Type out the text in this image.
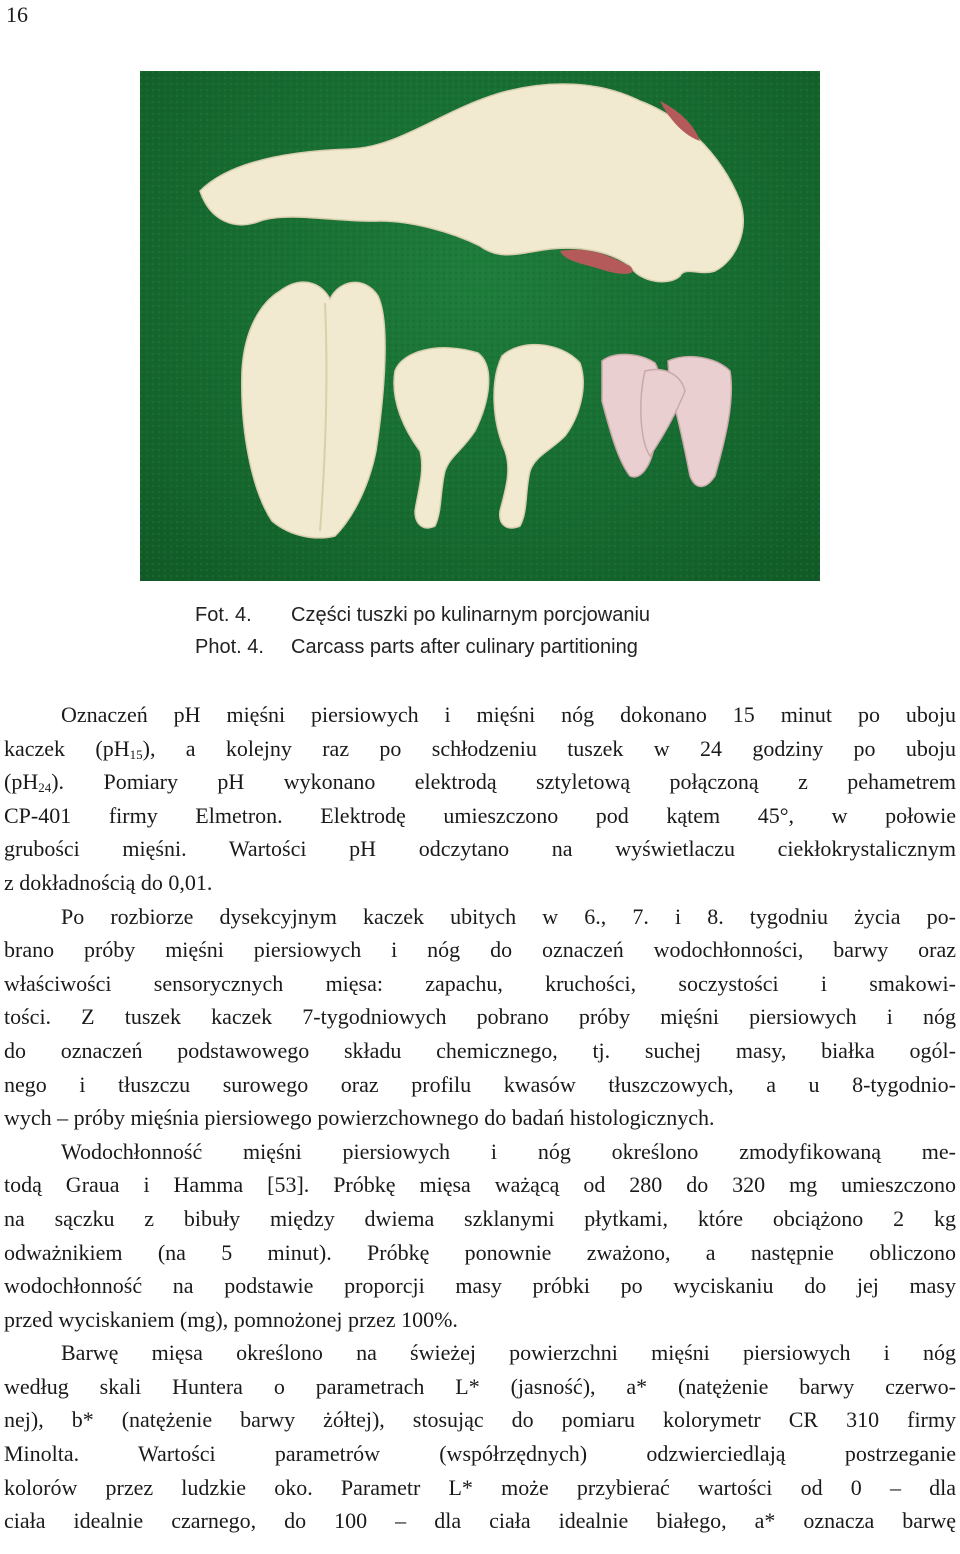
16
Fot. 4. Części tuszki po kulinarnym porcjowaniu
Phot. 4. Carcass parts after culinary partitioning
Oznaczeń pH mięśni piersiowych i mięśni nóg dokonano 15 minut po uboju
kaczek $(pH_{15})$, a kolejny raz po schłodzeniu tuszek w 24 godziny po uboju
$(pH_{24})$. Pomiary pH wykonano elektrodą sztyletową połączoną z pehametrem
CP-401 firmy Elmetron. Elektrodę umieszczono pod kątem 45°, w połowie
grubości mięśni. Wartości pH odczytano na wyświetlaczu ciekłokrystalicznym
z dokładnością do 0,01.
Po rozbiorze dysekcyjnym kaczek ubitych w 6., 7. i 8. tygodniu życia po-
brano próby mięśni piersiowych i nóg do oznaczeń wodochłonności, barwy oraz
właściwości sensorycznych mięsa: zapachu, kruchości, soczystości i smakowi-
tości. Z tuszek kaczek 7-tygodniowych pobrano próby mięśni piersiowych i nóg
do oznaczeń podstawowego składu chemicznego, tj. suchej masy, białka ogól-
nego i tłuszczu surowego oraz profilu kwasów tłuszczowych, a u 8-tygodnio-
wych – próby mięśnia piersiowego powierzchownego do badań histologicznych.
Wodochłonność mięśni piersiowych i nóg określono zmodyfikowaną me-
todą Graua i Hamma [53]. Próbkę mięsa ważącą od 280 do 320 mg umieszczono
na sączku z bibuły między dwiema szklanymi płytkami, które obciążono 2 kg
odważnikiem (na 5 minut). Próbkę ponownie zważono, a następnie obliczono
wodochłonność na podstawie proporcji masy próbki po wyciskaniu do jej masy
przed wyciskaniem (mg), pomnożonej przez 100%.
Barwę mięsa określono na świeżej powierzchni mięśni piersiowych i nóg
według skali Huntera o parametrach L* (jasność), a* (natężenie barwy czerwo-
nej), b* (natężenie barwy żółtej), stosując do pomiaru kolorymetr CR 310 firmy
Minolta. Wartości parametrów (współrzędnych) odzwierciedlają postrzeganie
kolorów przez ludzkie oko. Parametr L* może przybierać wartości od 0 – dla
ciała idealnie czarnego, do 100 – dla ciała idealnie białego, a* oznacza barwę
